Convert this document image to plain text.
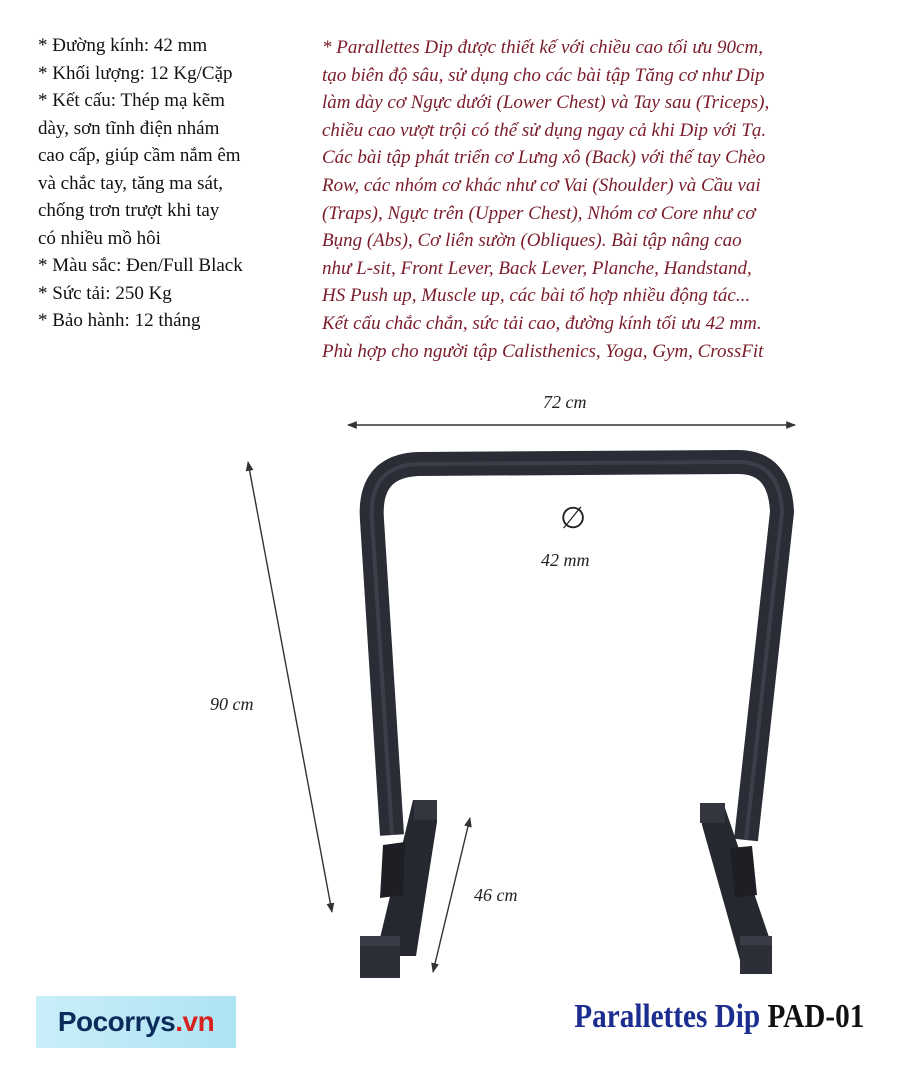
* Đường kính: 42 mm
* Khối lượng: 12 Kg/Cặp
* Kết cấu: Thép mạ kẽm
dày, sơn tĩnh điện nhám
cao cấp, giúp cầm nắm êm
và chắc tay, tăng ma sát,
chống trơn trượt khi tay
có nhiều mồ hôi
* Màu sắc: Đen/Full Black
* Sức tải: 250 Kg
* Bảo hành: 12 tháng
* Parallettes Dip được thiết kế với chiều cao tối ưu 90cm,
tạo biên độ sâu, sử dụng cho các bài tập Tăng cơ như Dip
làm dày cơ Ngực dưới (Lower Chest) và Tay sau (Triceps),
chiều cao vượt trội có thể sử dụng ngay cả khi Dip với Tạ.
Các bài tập phát triển cơ Lưng xô (Back) với thế tay Chèo
Row, các nhóm cơ khác như cơ Vai (Shoulder) và Cầu vai
(Traps), Ngực trên (Upper Chest), Nhóm cơ Core như cơ
Bụng (Abs), Cơ liên sườn (Obliques). Bài tập nâng cao
như L-sit, Front Lever, Back Lever, Planche, Handstand,
HS Push up, Muscle up, các bài tổ hợp nhiều động tác...
Kết cấu chắc chắn, sức tải cao, đường kính tối ưu 42 mm.
Phù hợp cho người tập Calisthenics, Yoga, Gym, CrossFit
72 cm
∅
42 mm
90 cm
46 cm
Pocorrys .vn	Parallettes Dip PAD-01
